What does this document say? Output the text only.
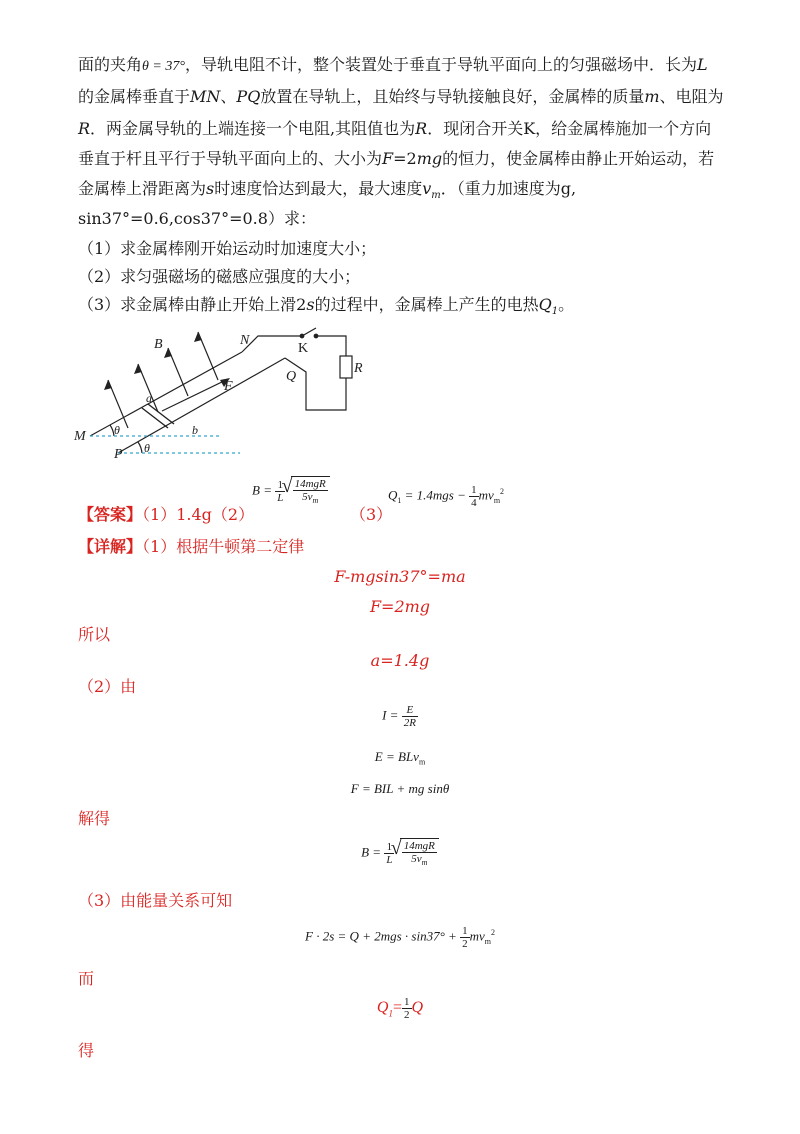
面的夹角θ = 37°，导轨电阻不计，整个装置处于垂直于导轨平面向上的匀强磁场中．长为L
的金属棒垂直于MN、PQ放置在导轨上，且始终与导轨接触良好，金属棒的质量m、电阻为
R．两金属导轨的上端连接一个电阻,其阻值也为R．现闭合开关K，给金属棒施加一个方向
垂直于杆且平行于导轨平面向上的、大小为F=2mg的恒力，使金属棒由静止开始运动，若
金属棒上滑距离为s时速度恰达到最大，最大速度$v_m$．（重力加速度为g,
sin37°=0.6,cos37°=0.8）求：
（1）求金属棒刚开始运动时加速度大小；
（2）求匀强磁场的磁感应强度的大小；
（3）求金属棒由静止开始上滑2s的过程中，金属棒上产生的电热$Q_1$。
B	N
K
R
Q
F
a
b
M θ
P θ
【答案】（1）1.4g（2）
$B = \frac{1}{L}$
√ $\frac{\text{14mgR}}{5v_m}$
（3）
$Q_1 = 1.4mgs - \frac{1}{4} mv_m^2$
【详解】（1）根据牛顿第二定律
F-mgsin37°=ma
F=2mg
所以
a=1.4g
（2）由
$I = \frac{E}{2R}$
E = BLv$_m$
F = BIL + mg sinθ
解得
$B = \frac{1}{L}$
√ $\frac{\text{14mgR}}{5v_m}$
（3）由能量关系可知
$F \cdot 2s = Q + 2mgs \cdot \sin 37^\circ + \frac{1}{2} mv_m^2$
而
$Q_1= \frac{1}{2}$ Q
得
